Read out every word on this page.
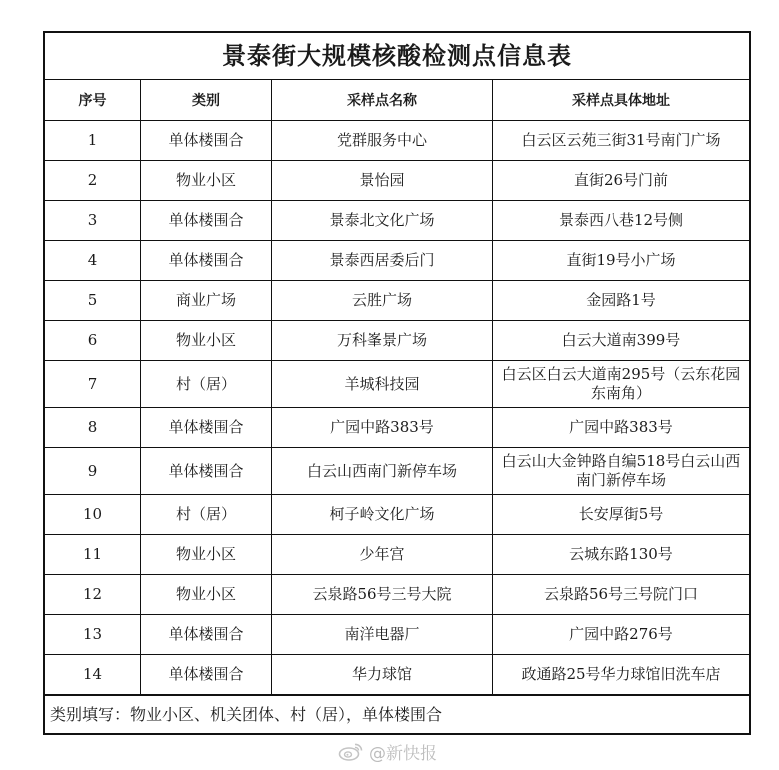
景泰街大规模核酸检测点信息表
序号	类别	采样点名称	采样点具体地址
1	单体楼围合	党群服务中心	白云区云苑三街31号南门广场
2	物业小区	景怡园	直街26号门前
3	单体楼围合	景泰北文化广场	景泰西八巷12号侧
4	单体楼围合	景泰西居委后门	直街19号小广场
5	商业广场	云胜广场	金园路1号
6	物业小区	万科峯景广场	白云大道南399号
7	村（居）	羊城科技园	白云区白云大道南295号（云东花园东南角）
8	单体楼围合	广园中路383号	广园中路383号
9	单体楼围合	白云山西南门新停车场	白云山大金钟路自编518号白云山西南门新停车场
10	村（居）	柯子岭文化广场	长安厚街5号
11	物业小区	少年宫	云城东路130号
12	物业小区	云泉路56号三号大院	云泉路56号三号院门口
13	单体楼围合	南洋电器厂	广园中路276号
14	单体楼围合	华力球馆	政通路25号华力球馆旧洗车店
类别填写：物业小区、机关团体、村（居），单体楼围合
@新快报
